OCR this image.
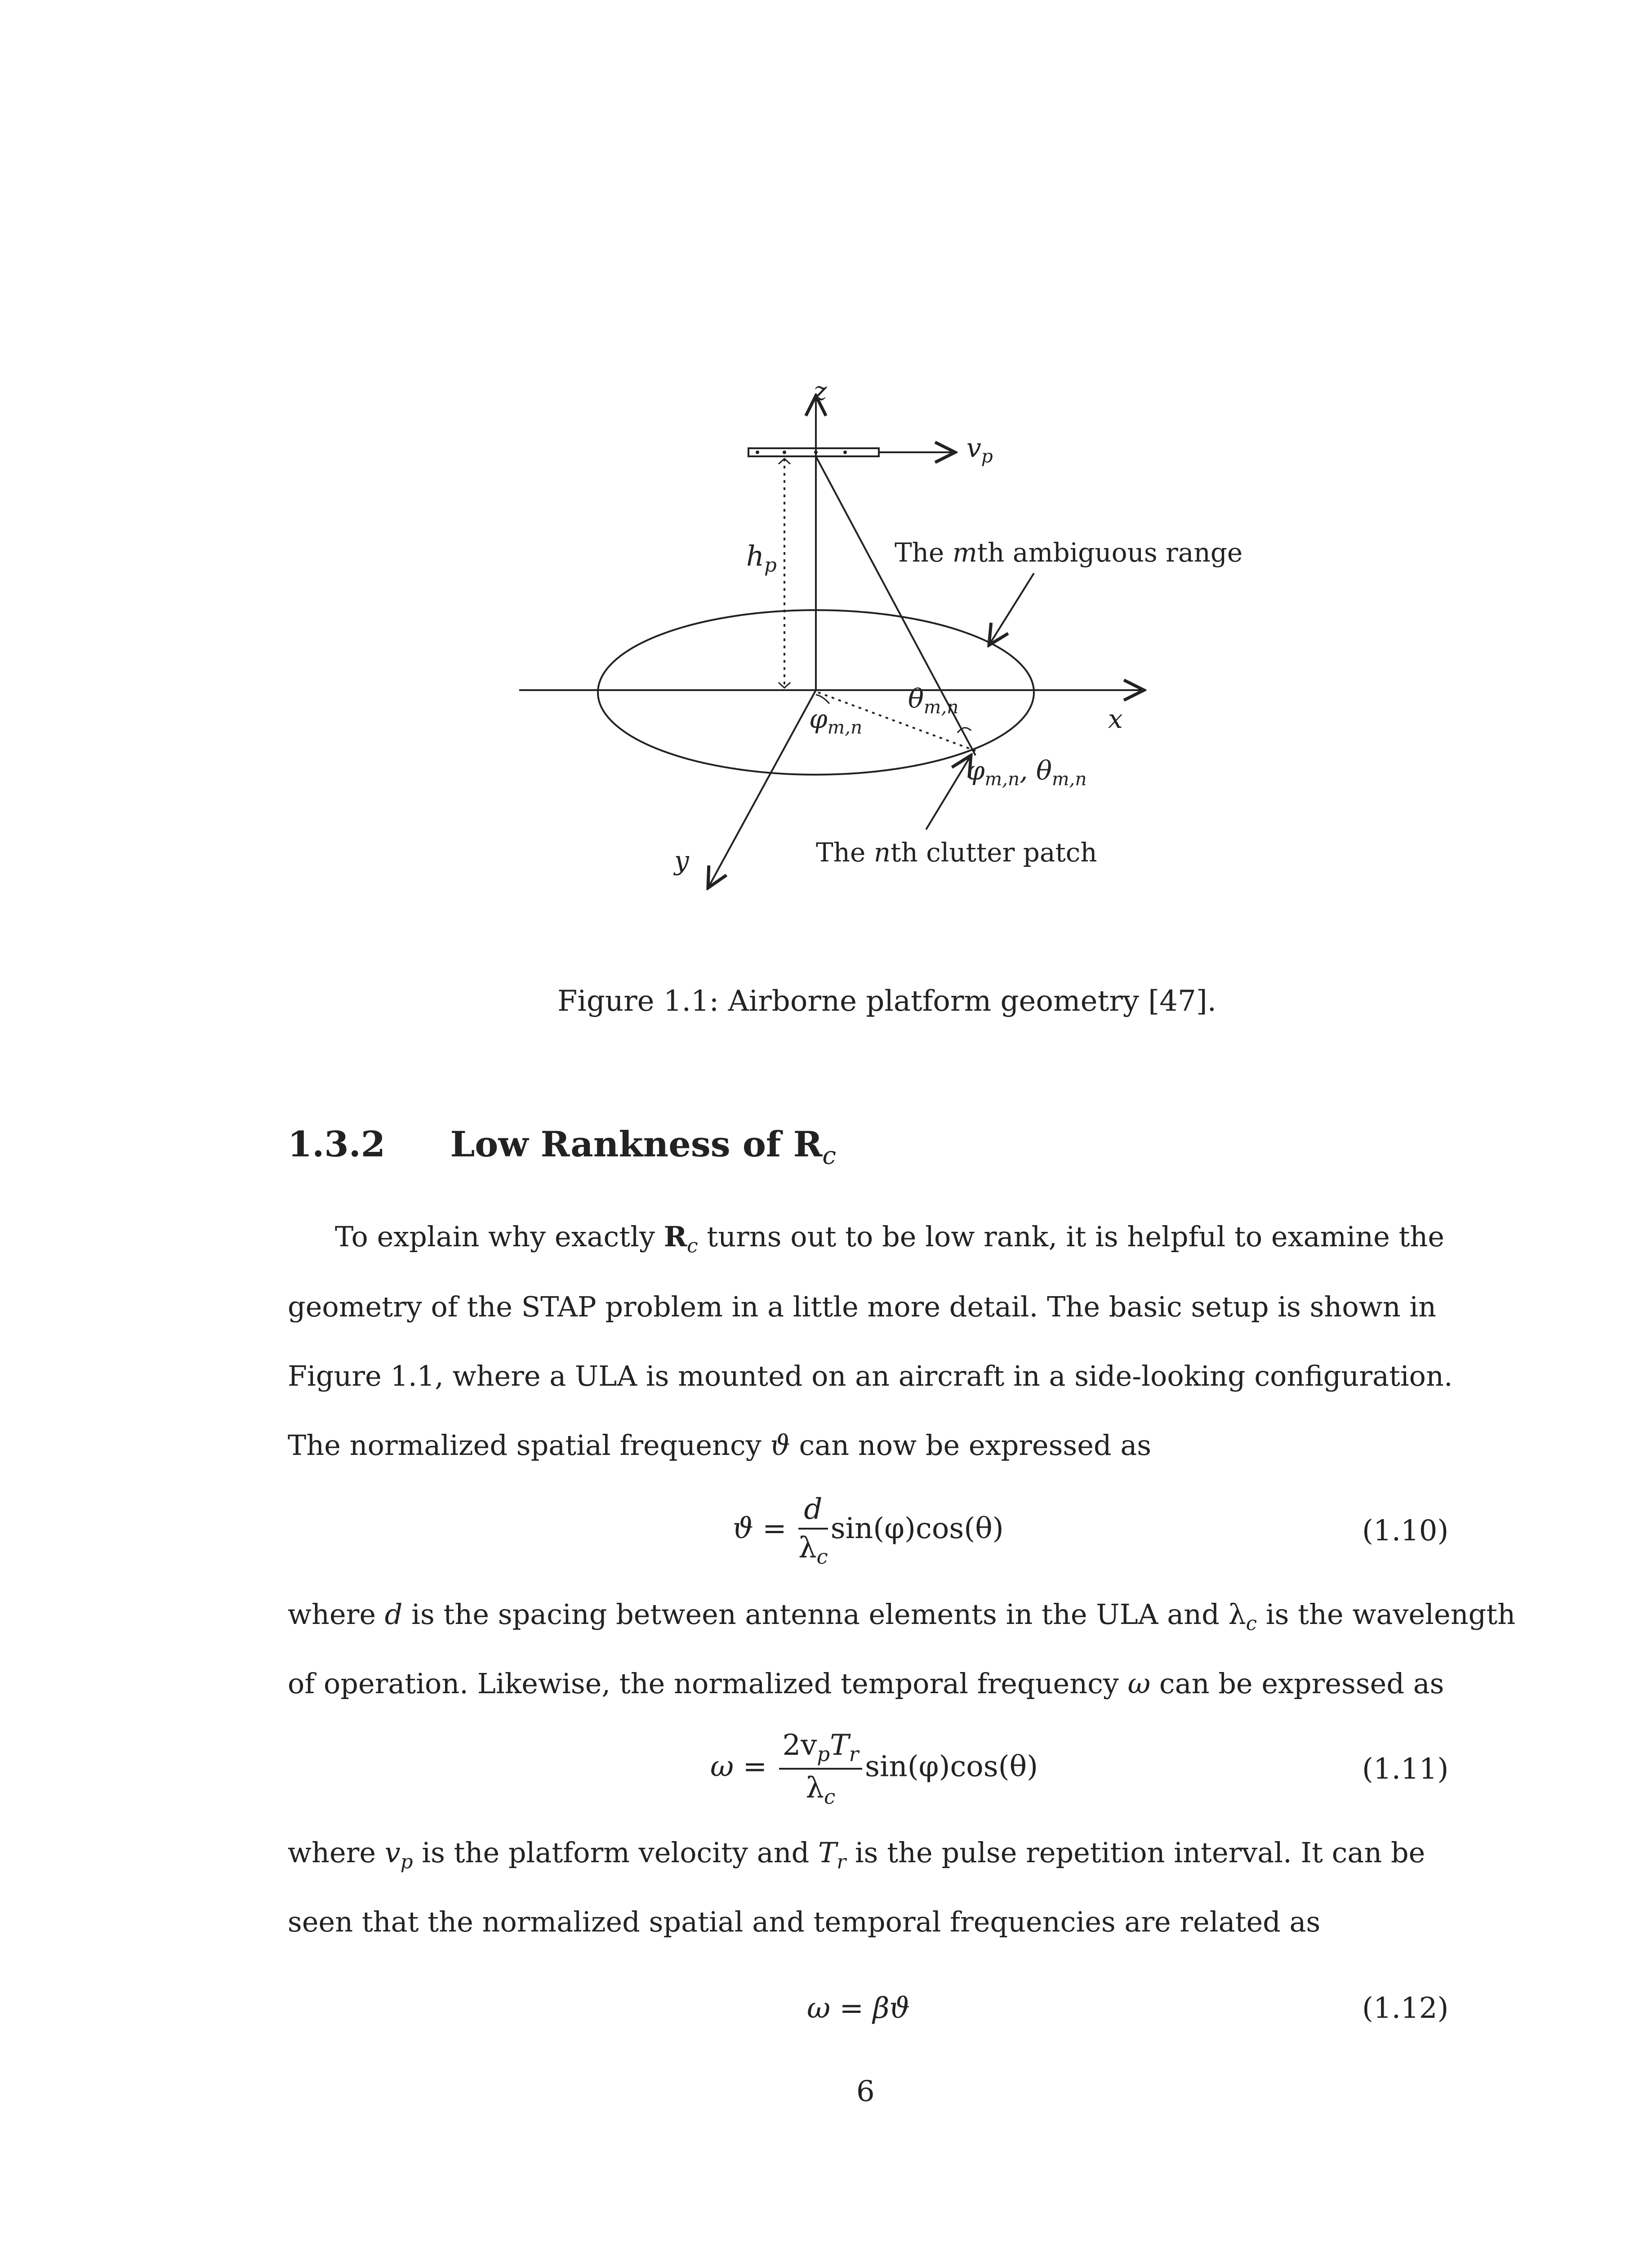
z
$v_p$
$h_p$	The mth ambiguous range
$\theta_{m,n}$
$\varphi_{m,n}$	x
$\varphi_{m,n}$, $\theta_{m,n}$
y	The nth clutter patch
Figure 1.1: Airborne platform geometry [47].
1.3.2 Low Rankness of $R_c$
To explain why exactly $R_c$ turns out to be low rank, it is helpful to examine the
geometry of the STAP problem in a little more detail. The basic setup is shown in
Figure 1.1, where a ULA is mounted on an aircraft in a side-looking configuration.
The normalized spatial frequency ϑ can now be expressed as
$ϑ = \frac{d}{\lambda_c} \sin(\varphi)\cos(\theta)$	(1.10)
where d is the spacing between antenna elements in the ULA and $\lambda_c$ is the wavelength
of operation. Likewise, the normalized temporal frequency ω can be expressed as
$\omega = \frac{2v_pT_r}{\lambda_c} \sin(\varphi)\cos(\theta)$	(1.11)
where $v_p$ is the platform velocity and $T_r$ is the pulse repetition interval. It can be
seen that the normalized spatial and temporal frequencies are related as
ω = βϑ	(1.12)
6
